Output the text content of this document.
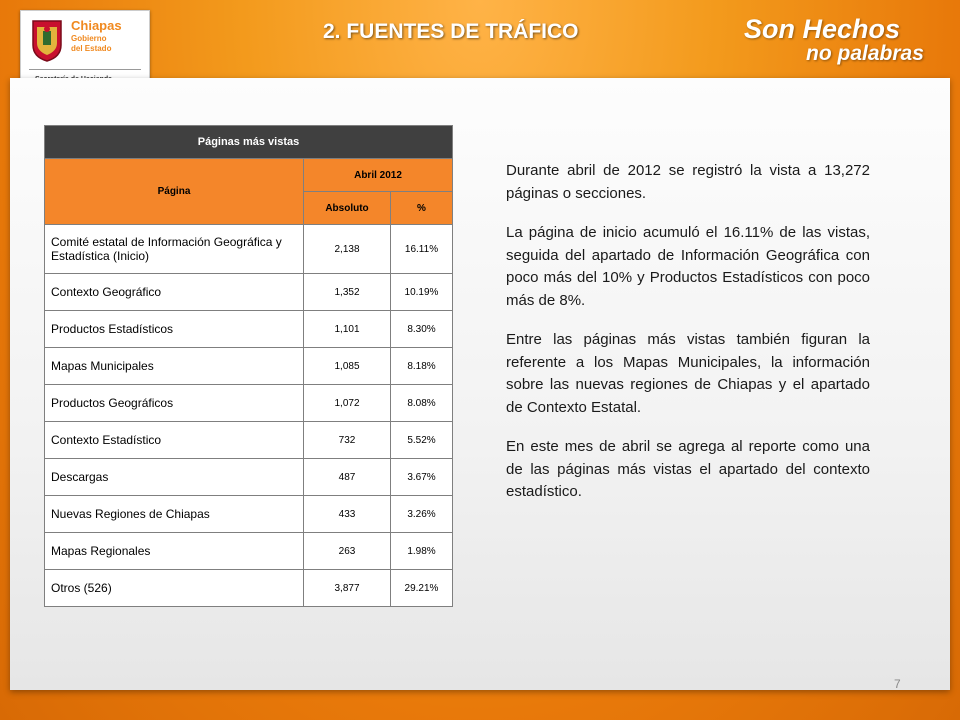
Chiapas
Gobierno
del Estado
2. FUENTES DE TRÁFICO	Son Hechos
no palabras
Páginas más vistas		
Página	Abril 2012	
	Absoluto	%
Comité estatal de Información Geográfica y Estadística (Inicio)	2,138	16.11%
Contexto Geográfico	1,352	10.19%
Productos Estadísticos	1,101	8.30%
Mapas Municipales	1,085	8.18%
Productos Geográficos	1,072	8.08%
Contexto Estadístico	732	5.52%
Descargas	487	3.67%
Nuevas Regiones de Chiapas	433	3.26%
Mapas Regionales	263	1.98%
Otros (526)	3,877	29.21%

Durante abril de 2012 se registró la vista a 13,272 páginas o secciones.

La página de inicio acumuló el 16.11% de las vistas, seguida del apartado de Información Geográfica con poco más del 10% y Productos Estadísticos con poco más de 8%.

Entre las páginas más vistas también figuran la referente a los Mapas Municipales, la información sobre las nuevas regiones de Chiapas y el apartado de Contexto Estatal.

En este mes de abril se agrega al reporte como una de las páginas más vistas el apartado del contexto estadístico.

7
